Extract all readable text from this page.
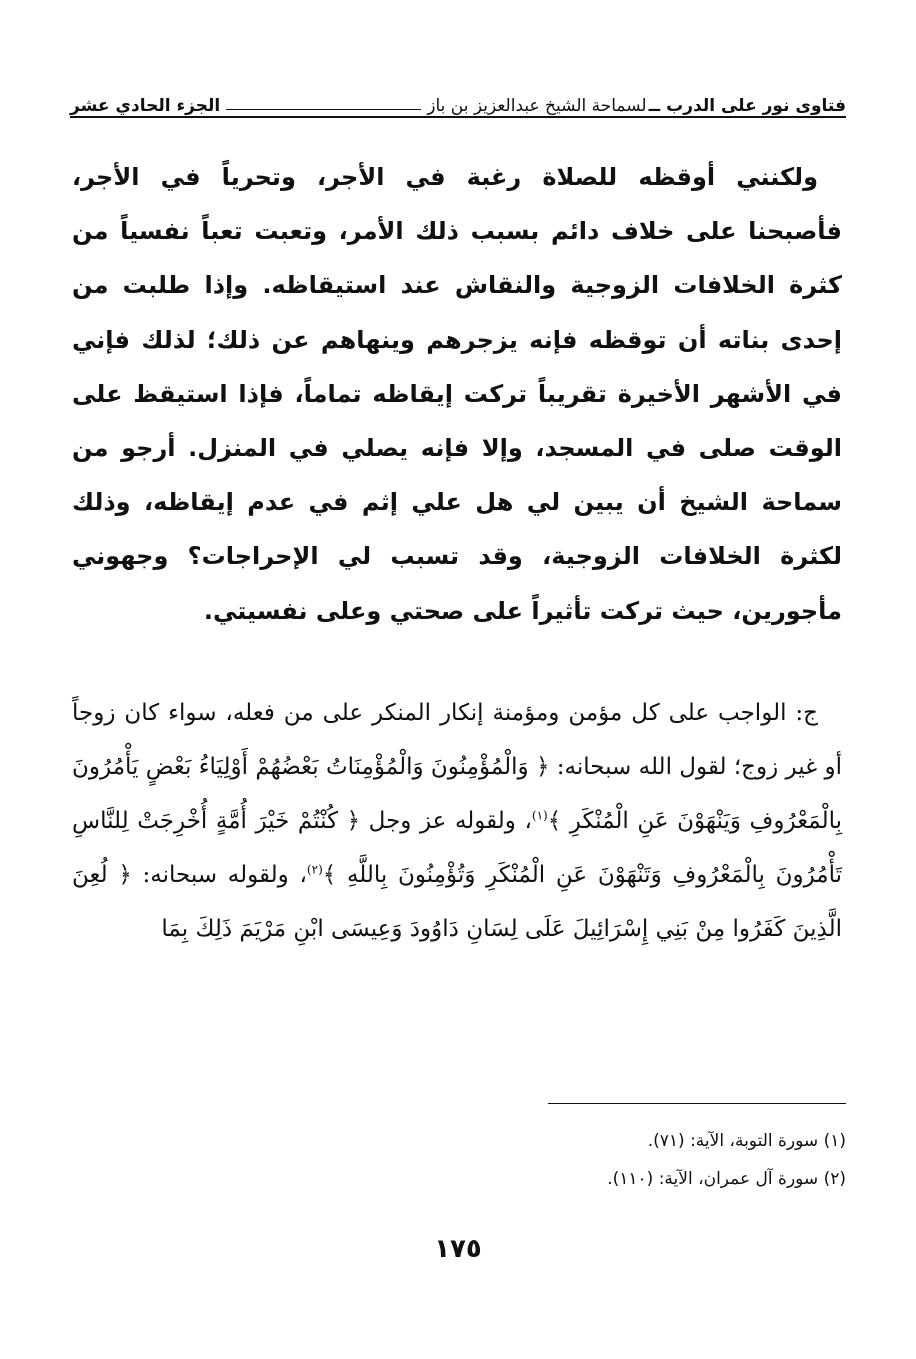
فتاوى نور على الدرب ــ
لسماحة الشيخ عبدالعزيز بن باز
الجزء الحادي عشر

ولكنني أوقظه للصلاة رغبة في الأجر، وتحرياً في الأجر، فأصبحنا على خلاف دائم بسبب ذلك الأمر، وتعبت تعباً نفسياً من كثرة الخلافات الزوجية والنقاش عند استيقاظه. وإذا طلبت من إحدى بناته أن توقظه فإنه يزجرهم وينهاهم عن ذلك؛ لذلك فإني في الأشهر الأخيرة تقريباً تركت إيقاظه تماماً، فإذا استيقظ على الوقت صلى في المسجد، وإلا فإنه يصلي في المنزل. أرجو من سماحة الشيخ أن يبين لي هل علي إثم في عدم إيقاظه، وذلك لكثرة الخلافات الزوجية، وقد تسبب لي الإحراجات؟ وجهوني مأجورين، حيث تركت تأثيراً على صحتي وعلى نفسيتي.

ج: الواجب على كل مؤمن ومؤمنة إنكار المنكر على من فعله، سواء كان زوجاً أو غير زوج؛ لقول الله سبحانه: ﴿ وَالْمُؤْمِنُونَ وَالْمُؤْمِنَاتُ بَعْضُهُمْ أَوْلِيَاءُ بَعْضٍ يَأْمُرُونَ بِالْمَعْرُوفِ وَيَنْهَوْنَ عَنِ الْمُنْكَرِ ﴾$^{(١)}$، ولقوله عز وجل ﴿ كُنْتُمْ خَيْرَ أُمَّةٍ أُخْرِجَتْ لِلنَّاسِ تَأْمُرُونَ بِالْمَعْرُوفِ وَتَنْهَوْنَ عَنِ الْمُنْكَرِ وَتُؤْمِنُونَ بِاللَّهِ ﴾$^{(٢)}$، ولقوله سبحانه: ﴿ لُعِنَ الَّذِينَ كَفَرُوا مِنْ بَنِي إِسْرَائِيلَ عَلَى لِسَانِ دَاوُودَ وَعِيسَى ابْنِ مَرْيَمَ ذَلِكَ بِمَا

(١) سورة التوبة، الآية: (٧١).
(٢) سورة آل عمران، الآية: (١١٠).
١٧٥
